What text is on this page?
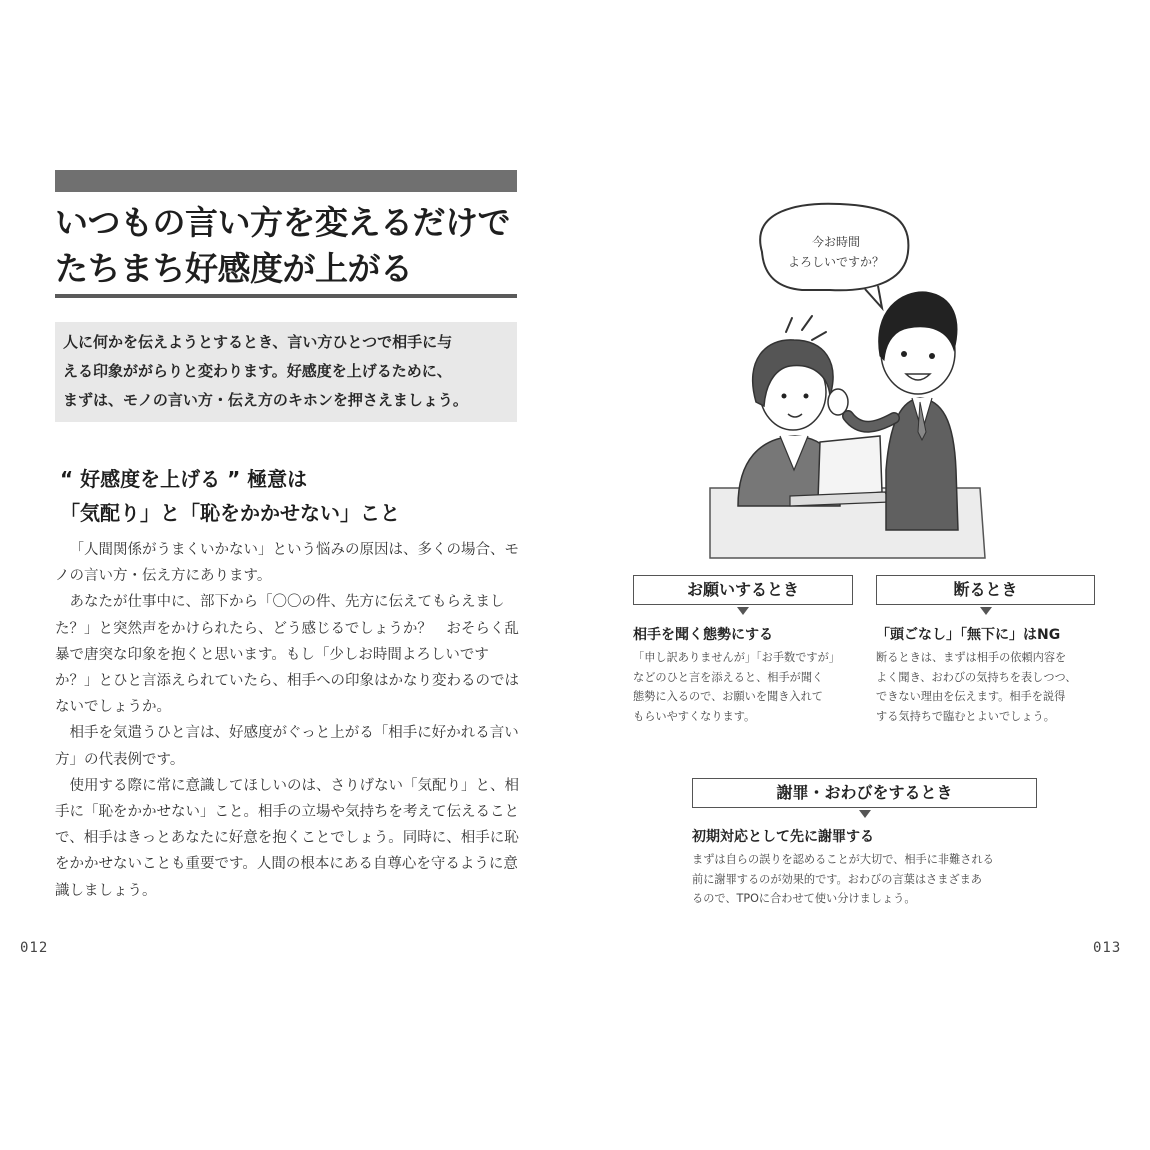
いつもの言い方を変えるだけで
たちまち好感度が上がる
人に何かを伝えようとするとき、言い方ひとつで相手に与
える印象ががらりと変わります。好感度を上げるために、
まずは、モノの言い方・伝え方のキホンを押さえましょう。
“ 好感度を上げる ” 極意は
「気配り」と「恥をかかせない」こと

「人間関係がうまくいかない」という悩みの原因は、多くの場合、モノの言い方・伝え方にあります。

あなたが仕事中に、部下から「〇〇の件、先方に伝えてもらえました？」と突然声をかけられたら、どう感じるでしょうか？　おそらく乱暴で唐突な印象を抱くと思います。もし「少しお時間よろしいですか？」とひと言添えられていたら、相手への印象はかなり変わるのではないでしょうか。

相手を気遣うひと言は、好感度がぐっと上がる「相手に好かれる言い方」の代表例です。

使用する際に常に意識してほしいのは、さりげない「気配り」と、相手に「恥をかかせない」こと。相手の立場や気持ちを考えて伝えることで、相手はきっとあなたに好意を抱くことでしょう。同時に、相手に恥をかかせないことも重要です。人間の根本にある自尊心を守るように意識しましょう。

012
今お時間
よろしいですか？
お願いするとき
相手を聞く態勢にする
「申し訳ありませんが」「お手数ですが」
などのひと言を添えると、相手が聞く
態勢に入るので、お願いを聞き入れて
もらいやすくなります。
断るとき
「頭ごなし」「無下に」はNG
断るときは、まずは相手の依頼内容を
よく聞き、おわびの気持ちを表しつつ、
できない理由を伝えます。相手を説得
する気持ちで臨むとよいでしょう。
謝罪・おわびをするとき
初期対応として先に謝罪する
まずは自らの誤りを認めることが大切で、相手に非難される
前に謝罪するのが効果的です。おわびの言葉はさまざまあ
るので、TPOに合わせて使い分けましょう。
013
